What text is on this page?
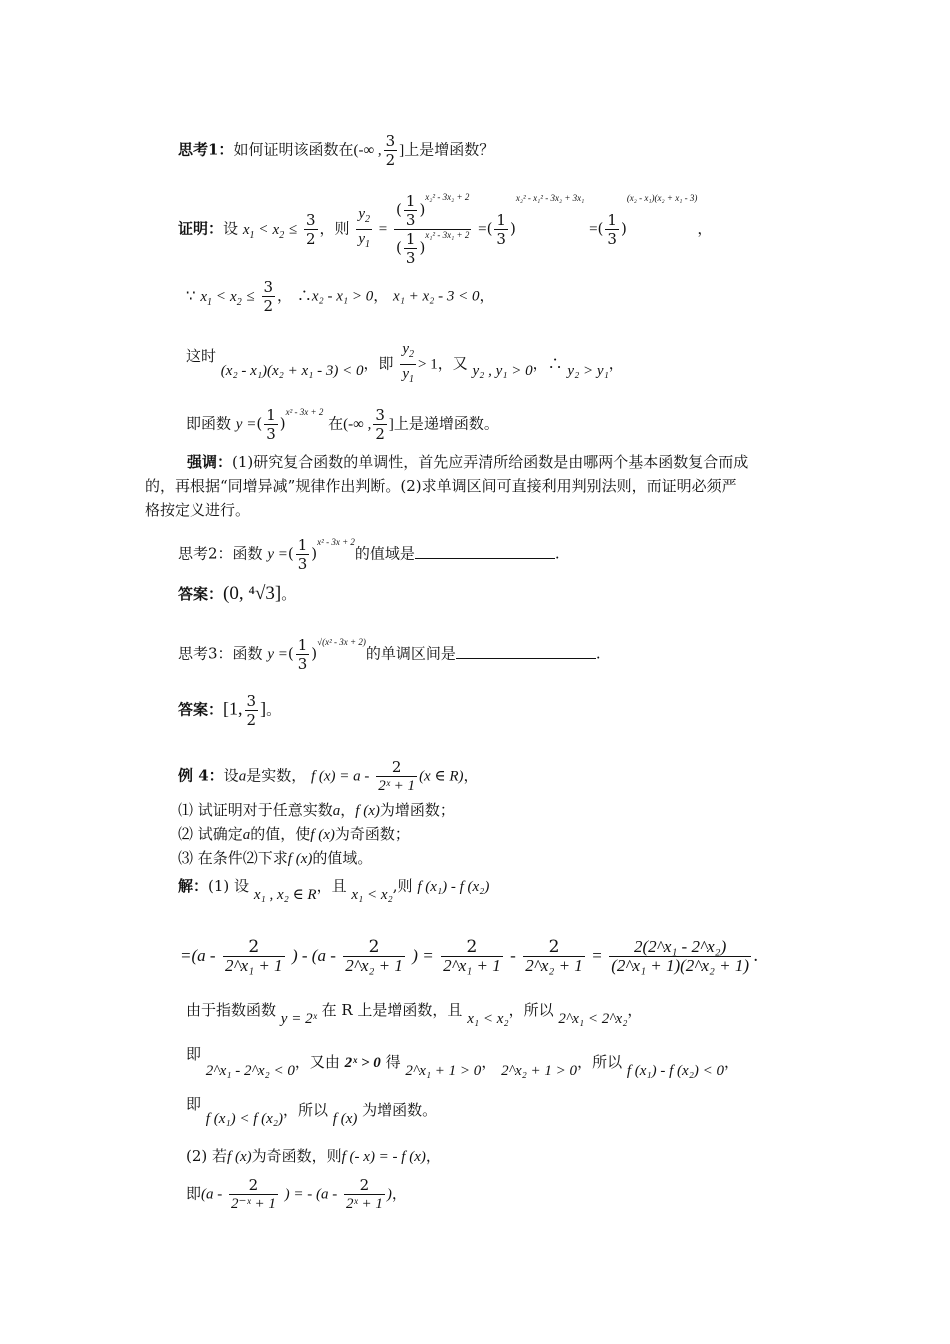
思考1：如何证明该函数在(-∞ , $\frac{3}{2}$ ]上是增函数？
证明：设 $x_1 < x_2 \le \frac{3}{2}$ ，则 $\frac{y_2}{y_1} = \frac{( \frac{1}{3} )^{x_2^2 - 3x_2 + 2}}{( \frac{1}{3} )^{x_1^2 - 3x_1 + 2}}$ =( $\frac{1}{3} )^{x_2^2 - x_1^2 - 3x_2 + 3x_1}$ =( $\frac{1}{3} )^{(x_2 - x_1)(x_2 + x_1 - 3)}$，
∵ $x_1 < x_2 \le \frac{3}{2}$ ， ∴x₂ - x₁ > 0， x₁ + x₂ - 3 < 0，
这时 (x₂ - x₁)(x₂ + x₁ - 3) < 0，即 $\frac{y_2}{y_1} > 1$，又 y₂ , y₁ > 0，∴ y₂ > y₁，
即函数 y =( $\frac{1}{3} )^{x^2 - 3x + 2}$ 在(-∞ , $\frac{3}{2}$ ]上是递增函数。
强调：(1)研究复合函数的单调性，首先应弄清所给函数是由哪两个基本函数复合而成
的，再根据“同增异减”规律作出判断。(2)求单调区间可直接利用判别法则，而证明必须严
格按定义进行。
思考2：函数 y =( $\frac{1}{3} )^{x^2 - 3x + 2}$的值域是	.
答案：(0, ⁴√3]。
思考3：函数 y =( $\frac{1}{3} )^{√(x^2 - 3x + 2)}$的单调区间是	.
答案：[1, $\frac{3}{2}$ ]。
例 4：设a是实数， f $(x) = a - \frac{2}{\text{2ˣ + 1}} (x$ ∈ R)，
⑴ 试证明对于任意实数a，f (x)为增函数；
⑵ 试确定a的值，使f (x)为奇函数；
⑶ 在条件⑵下求f (x)的值域。
解：(1) 设 x₁ , x₂ ∈ R，且 x₁ < x₂,则 f (x₁) - f (x₂)
$=(a - \frac{2}{\text{2\textasciicircum{}x₁ + 1}}$ ) - ($a - \frac{2}{\text{2\textasciicircum{}x₂ + 1}}$ ) = $\frac{2}{\text{2\textasciicircum{}x₁ + 1}} - \frac{2}{\text{2\textasciicircum{}x₂ + 1}} = \frac{\text{2(2\textasciicircum{}x₁ - 2\textasciicircum{}x₂)}}{\text{(2\textasciicircum{}x₁ + 1)(2\textasciicircum{}x₂ + 1)}}$ .
由于指数函数 y = 2ˣ 在 R 上是增函数，且 x₁ < x₂，所以 2^x₁ < 2^x₂，
即 2^x₁ - 2^x₂ < 0，又由 2ˣ > 0 得 2^x₁ + 1 > 0， 2^x₂ + 1 > 0，所以 f (x₁) - f (x₂) < 0，
即 f (x₁) < f (x₂)，所以 f (x) 为增函数。
(2) 若f (x)为奇函数，则f (- x) = - f (x)，
即($a - \frac{2}{\text{2⁻ˣ + 1}}$ ) = - ($a - \frac{2}{\text{2ˣ + 1}}$ )，
